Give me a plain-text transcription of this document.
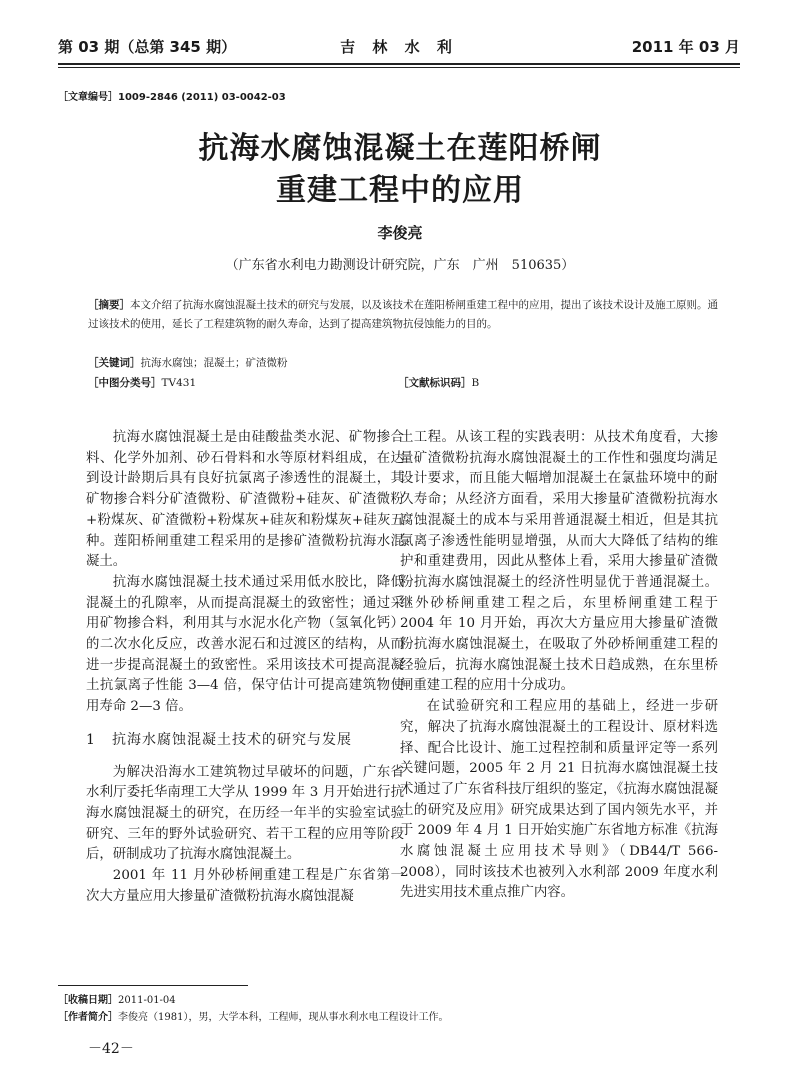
第 03 期（总第 345 期）	吉 林 水 利	2011 年 03 月
［文章编号］1009-2846 (2011) 03-0042-03
抗海水腐蚀混凝土在莲阳桥闸
重建工程中的应用
李俊亮
（广东省水利电力勘测设计研究院，广东　广州　510635）
［摘要］本文介绍了抗海水腐蚀混凝土技术的研究与发展，以及该技术在莲阳桥闸重建工程中的应用，提出了该技术设计及施工原则。通过该技术的使用，延长了工程建筑物的耐久寿命，达到了提高建筑物抗侵蚀能力的目的。
［关键词］抗海水腐蚀；混凝土；矿渣微粉
［中图分类号］TV431	［文献标识码］B

抗海水腐蚀混凝土是由硅酸盐类水泥、矿物掺合料、化学外加剂、砂石骨料和水等原材料组成，在达到设计龄期后具有良好抗氯离子渗透性的混凝土，其矿物掺合料分矿渣微粉、矿渣微粉+硅灰、矿渣微粉+粉煤灰、矿渣微粉+粉煤灰+硅灰和粉煤灰+硅灰五种。莲阳桥闸重建工程采用的是掺矿渣微粉抗海水混凝土。

抗海水腐蚀混凝土技术通过采用低水胶比，降低混凝土的孔隙率，从而提高混凝土的致密性；通过采用矿物掺合料，利用其与水泥水化产物（氢氧化钙）的二次水化反应，改善水泥石和过渡区的结构，从而进一步提高混凝土的致密性。采用该技术可提高混凝土抗氯离子性能 3—4 倍，保守估计可提高建筑物使用寿命 2—3 倍。

1 抗海水腐蚀混凝土技术的研究与发展

为解决沿海水工建筑物过早破坏的问题，广东省水利厅委托华南理工大学从 1999 年 3 月开始进行抗海水腐蚀混凝土的研究，在历经一年半的实验室试验研究、三年的野外试验研究、若干工程的应用等阶段后，研制成功了抗海水腐蚀混凝土。

2001 年 11 月外砂桥闸重建工程是广东省第一次大方量应用大掺量矿渣微粉抗海水腐蚀混凝

土工程。从该工程的实践表明：从技术角度看，大掺量矿渣微粉抗海水腐蚀混凝土的工作性和强度均满足设计要求，而且能大幅增加混凝土在氯盐环境中的耐久寿命；从经济方面看，采用大掺量矿渣微粉抗海水腐蚀混凝土的成本与采用普通混凝土相近，但是其抗氯离子渗透性能明显增强，从而大大降低了结构的维护和重建费用，因此从整体上看，采用大掺量矿渣微粉抗海水腐蚀混凝土的经济性明显优于普通混凝土。继外砂桥闸重建工程之后，东里桥闸重建工程于 2004 年 10 月开始，再次大方量应用大掺量矿渣微粉抗海水腐蚀混凝土，在吸取了外砂桥闸重建工程的经验后，抗海水腐蚀混凝土技术日趋成熟，在东里桥闸重建工程的应用十分成功。

在试验研究和工程应用的基础上，经进一步研究，解决了抗海水腐蚀混凝土的工程设计、原材料选择、配合比设计、施工过程控制和质量评定等一系列关键问题，2005 年 2 月 21 日抗海水腐蚀混凝土技术通过了广东省科技厅组织的鉴定，《抗海水腐蚀混凝土的研究及应用》研究成果达到了国内领先水平，并于 2009 年 4 月 1 日开始实施广东省地方标准《抗海水腐蚀混凝土应用技术导则》（DB44/T 566-2008），同时该技术也被列入水利部 2009 年度水利先进实用技术重点推广内容。

［收稿日期］2011-01-04
［作者简介］李俊亮（1981），男，大学本科，工程师，现从事水利水电工程设计工作。
－42－
